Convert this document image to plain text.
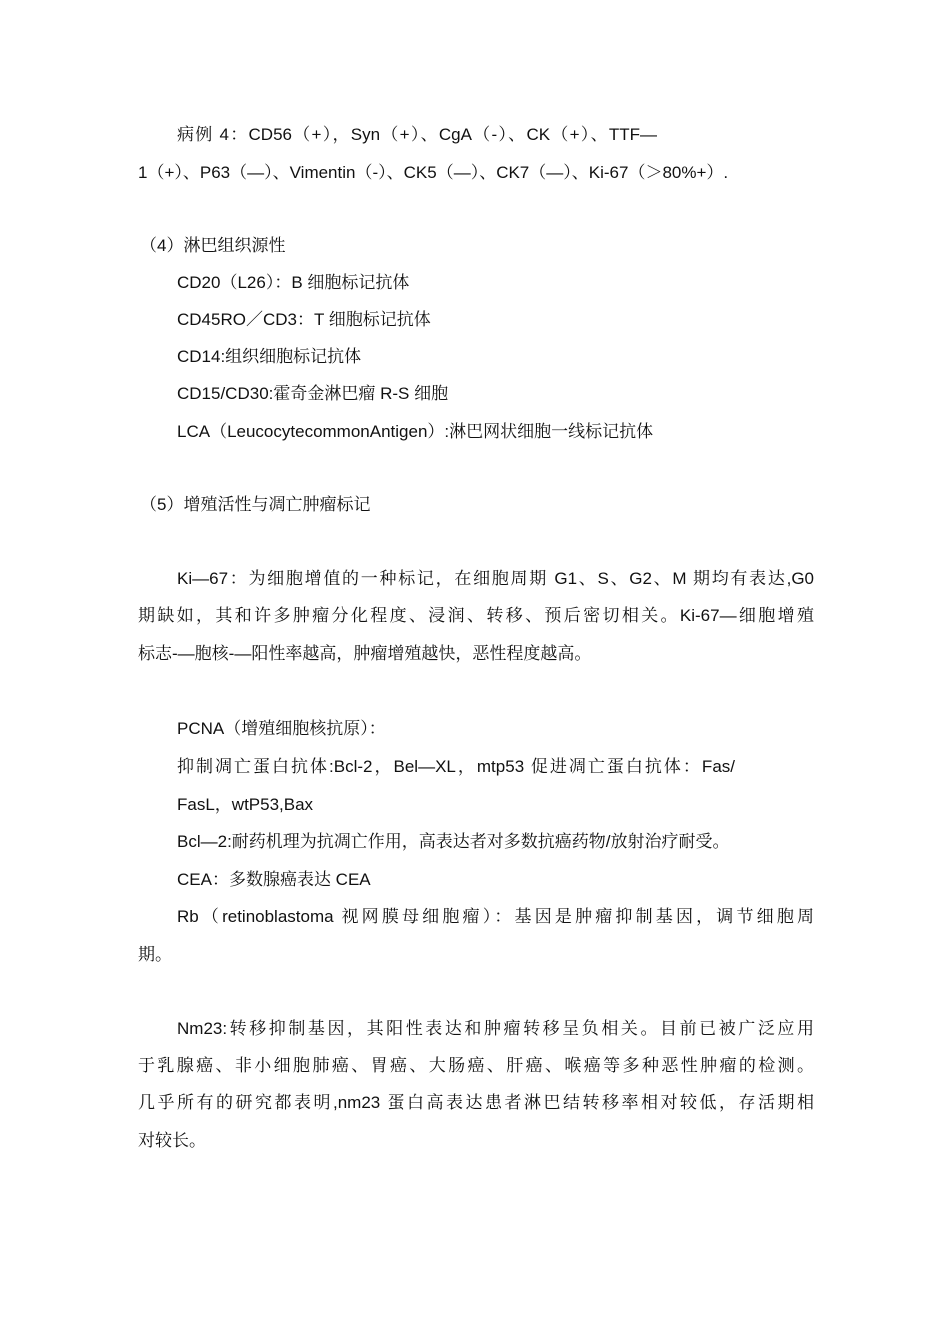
病例 4：CD56（+），Syn（+）、CgA（-）、CK（+）、TTF—
1（+）、P63（—）、Vimentin（-）、CK5（—）、CK7（—）、Ki-67（＞80%+）.
（4）淋巴组织源性
CD20（L26）：B 细胞标记抗体
CD45RO／CD3：T 细胞标记抗体
CD14:组织细胞标记抗体
CD15/CD30:霍奇金淋巴瘤 R-S 细胞
LCA（LeucocytecommonAntigen）:淋巴网状细胞一线标记抗体
（5）增殖活性与凋亡肿瘤标记
Ki—67：为细胞增值的一种标记，在细胞周期 G1、S、G2、M 期均有表达,G0
期缺如，其和许多肿瘤分化程度、浸润、转移、预后密切相关。Ki-67—细胞增殖
标志-—胞核-—阳性率越高，肿瘤增殖越快，恶性程度越高。
PCNA（增殖细胞核抗原）：
抑制凋亡蛋白抗体:Bcl-2，Bel—XL，mtp53 促进凋亡蛋白抗体：Fas/
FasL，wtP53,Bax
Bcl—2:耐药机理为抗凋亡作用，高表达者对多数抗癌药物/放射治疗耐受。
CEA：多数腺癌表达 CEA
Rb（retinoblastoma 视网膜母细胞瘤）：基因是肿瘤抑制基因，调节细胞周
期。
Nm23:转移抑制基因，其阳性表达和肿瘤转移呈负相关。目前已被广泛应用
于乳腺癌、非小细胞肺癌、胃癌、大肠癌、肝癌、喉癌等多种恶性肿瘤的检测。
几乎所有的研究都表明,nm23 蛋白高表达患者淋巴结转移率相对较低，存活期相
对较长。
